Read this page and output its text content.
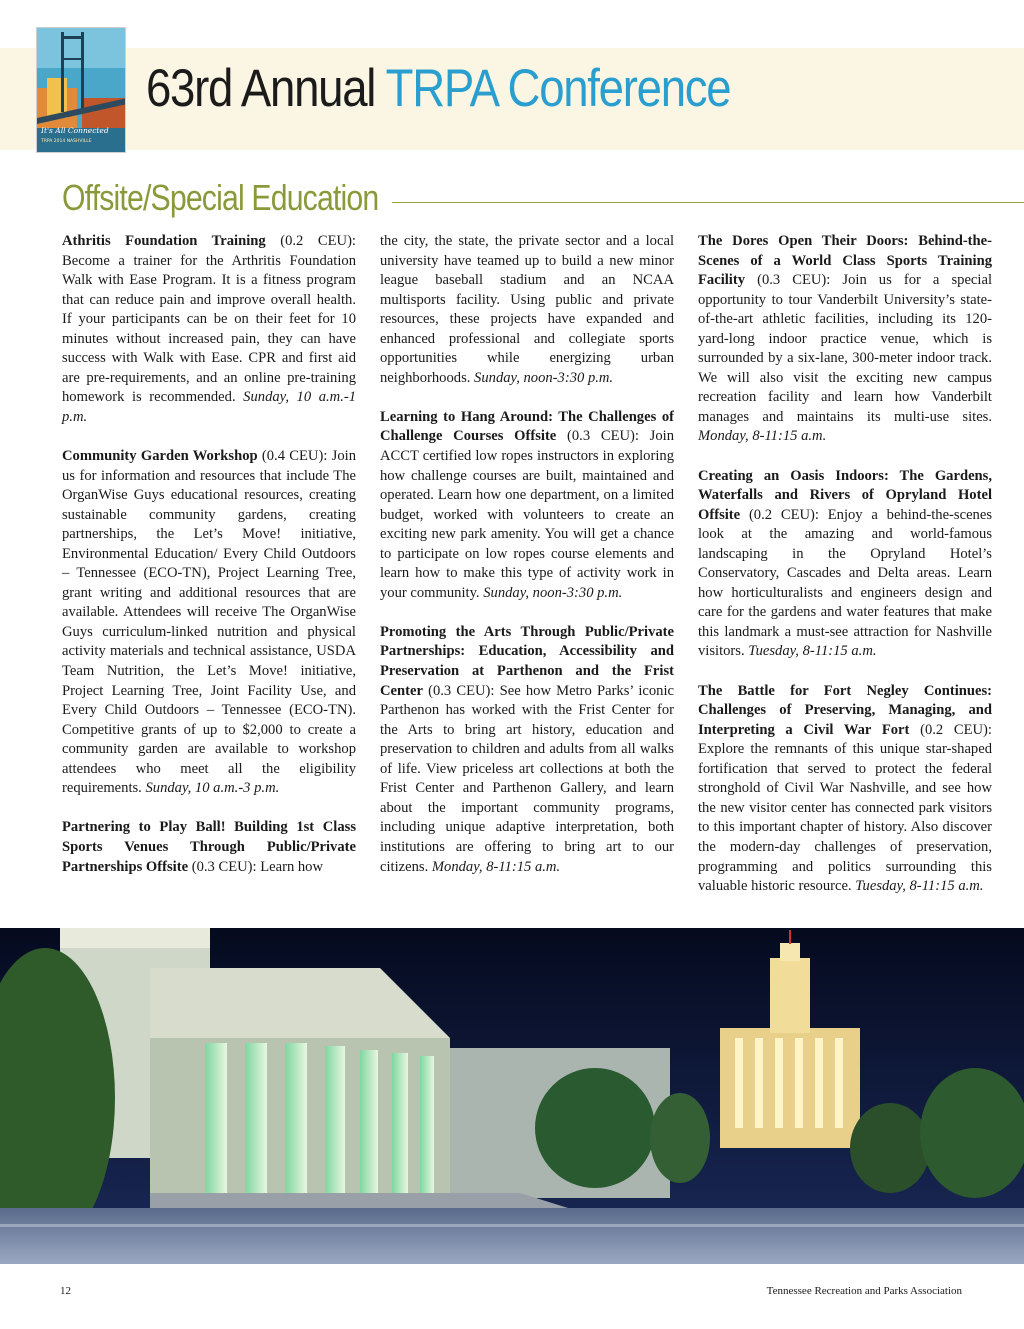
It's All Connected
TRPA 2014 NASHVILLE
63rd Annual TRPA Conference
Offsite/Special Education

Athritis Foundation Training (0.2 CEU): Become a trainer for the Arthritis Foundation Walk with Ease Program. It is a fitness program that can reduce pain and improve overall health. If your participants can be on their feet for 10 minutes without increased pain, they can have success with Walk with Ease. CPR and first aid are pre-requirements, and an online pre-training homework is recommended. Sunday, 10 a.m.-1 p.m.

Community Garden Workshop (0.4 CEU): Join us for information and resources that include The OrganWise Guys educational resources, creating sustainable community gardens, creating partnerships, the Let’s Move! initiative, Environmental Education/ Every Child Outdoors – Tennessee (ECO-TN), Project Learning Tree, grant writing and additional resources that are available. Attendees will receive The OrganWise Guys curriculum-linked nutrition and physical activity materials and technical assistance, USDA Team Nutrition, the Let’s Move! initiative, Project Learning Tree, Joint Facility Use, and Every Child Outdoors – Tennessee (ECO-TN). Competitive grants of up to $2,000 to create a community garden are available to workshop attendees who meet all the eligibility requirements. Sunday, 10 a.m.-3 p.m.

Partnering to Play Ball! Building 1st Class Sports Venues Through Public/Private Partnerships Offsite (0.3 CEU): Learn how

the city, the state, the private sector and a local university have teamed up to build a new minor league baseball stadium and an NCAA multisports facility. Using public and private resources, these projects have expanded and enhanced professional and collegiate sports opportunities while energizing urban neighborhoods. Sunday, noon-3:30 p.m.

Learning to Hang Around: The Challenges of Challenge Courses Offsite (0.3 CEU): Join ACCT certified low ropes instructors in exploring how challenge courses are built, maintained and operated. Learn how one department, on a limited budget, worked with volunteers to create an exciting new park amenity. You will get a chance to participate on low ropes course elements and learn how to make this type of activity work in your community. Sunday, noon-3:30 p.m.

Promoting the Arts Through Public/Private Partnerships: Education, Accessibility and Preservation at Parthenon and the Frist Center (0.3 CEU): See how Metro Parks’ iconic Parthenon has worked with the Frist Center for the Arts to bring art history, education and preservation to children and adults from all walks of life. View priceless art collections at both the Frist Center and Parthenon Gallery, and learn about the important community programs, including unique adaptive interpretation, both institutions are offering to bring art to our citizens. Monday, 8-11:15 a.m.

The Dores Open Their Doors: Behind-the-Scenes of a World Class Sports Training Facility (0.3 CEU): Join us for a special opportunity to tour Vanderbilt University’s state-of-the-art athletic facilities, including its 120-yard-long indoor practice venue, which is surrounded by a six-lane, 300-meter indoor track. We will also visit the exciting new campus recreation facility and learn how Vanderbilt manages and maintains its multi-use sites. Monday, 8-11:15 a.m.

Creating an Oasis Indoors: The Gardens, Waterfalls and Rivers of Opryland Hotel Offsite (0.2 CEU): Enjoy a behind-the-scenes look at the amazing and world-famous landscaping in the Opryland Hotel’s Conservatory, Cascades and Delta areas. Learn how horticulturalists and engineers design and care for the gardens and water features that make this landmark a must-see attraction for Nashville visitors. Tuesday, 8-11:15 a.m.

The Battle for Fort Negley Continues: Challenges of Preserving, Managing, and Interpreting a Civil War Fort (0.2 CEU): Explore the remnants of this unique star-shaped fortification that served to protect the federal stronghold of Civil War Nashville, and see how the new visitor center has connected park visitors to this important chapter of history. Also discover the modern-day challenges of preservation, programming and politics surrounding this valuable historic resource. Tuesday, 8-11:15 a.m.

12	Tennessee Recreation and Parks Association
